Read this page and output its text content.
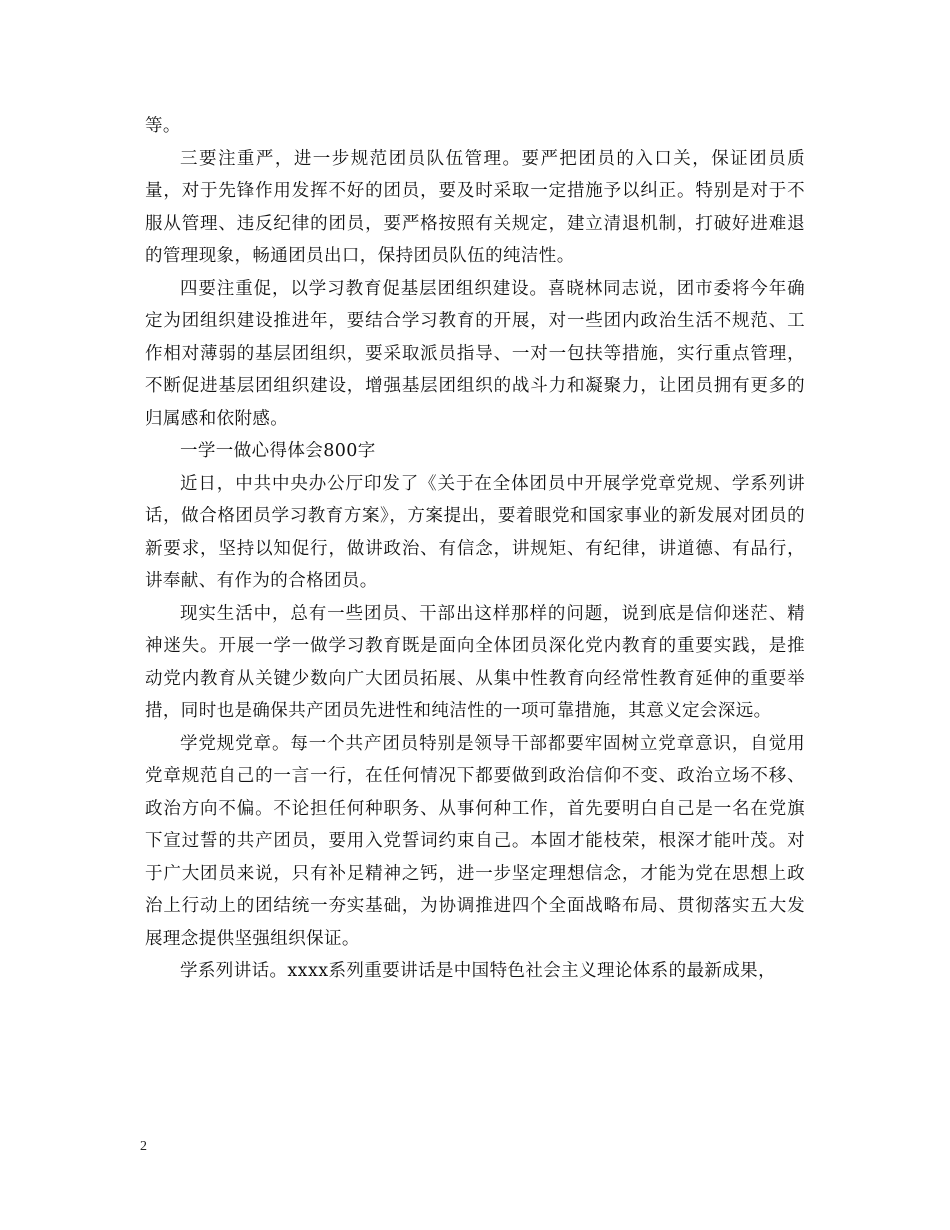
等。

三要注重严，进一步规范团员队伍管理。要严把团员的入口关，保证团员质量，对于先锋作用发挥不好的团员，要及时采取一定措施予以纠正。特别是对于不服从管理、违反纪律的团员，要严格按照有关规定，建立清退机制，打破好进难退的管理现象，畅通团员出口，保持团员队伍的纯洁性。

四要注重促，以学习教育促基层团组织建设。喜晓林同志说，团市委将今年确定为团组织建设推进年，要结合学习教育的开展，对一些团内政治生活不规范、工作相对薄弱的基层团组织，要采取派员指导、一对一包扶等措施，实行重点管理，不断促进基层团组织建设，增强基层团组织的战斗力和凝聚力，让团员拥有更多的归属感和依附感。

一学一做心得体会800字

近日，中共中央办公厅印发了《关于在全体团员中开展学党章党规、学系列讲话，做合格团员学习教育方案》，方案提出，要着眼党和国家事业的新发展对团员的新要求，坚持以知促行，做讲政治、有信念，讲规矩、有纪律，讲道德、有品行，讲奉献、有作为的合格团员。

现实生活中，总有一些团员、干部出这样那样的问题，说到底是信仰迷茫、精神迷失。开展一学一做学习教育既是面向全体团员深化党内教育的重要实践，是推动党内教育从关键少数向广大团员拓展、从集中性教育向经常性教育延伸的重要举措，同时也是确保共产团员先进性和纯洁性的一项可靠措施，其意义定会深远。

学党规党章。每一个共产团员特别是领导干部都要牢固树立党章意识，自觉用党章规范自己的一言一行，在任何情况下都要做到政治信仰不变、政治立场不移、政治方向不偏。不论担任何种职务、从事何种工作，首先要明白自己是一名在党旗下宣过誓的共产团员，要用入党誓词约束自己。本固才能枝荣，根深才能叶茂。对于广大团员来说，只有补足精神之钙，进一步坚定理想信念，才能为党在思想上政治上行动上的团结统一夯实基础，为协调推进四个全面战略布局、贯彻落实五大发展理念提供坚强组织保证。

学系列讲话。xxxx系列重要讲话是中国特色社会主义理论体系的最新成果，

2
